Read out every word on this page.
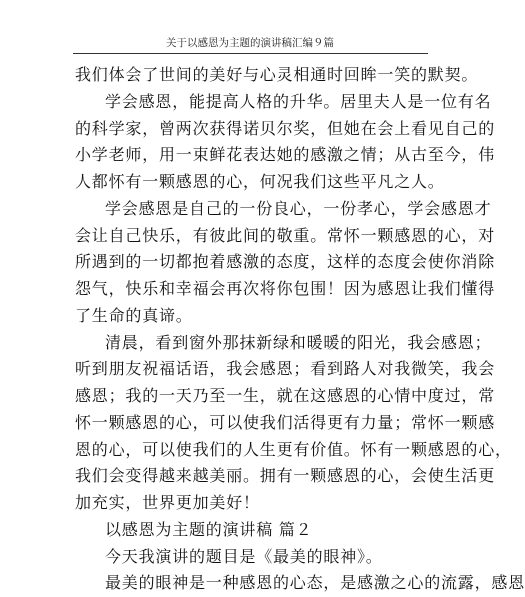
关于以感恩为主题的演讲稿汇编９篇
我们体会了世间的美好与心灵相通时回眸一笑的默契。
学会感恩，能提高人格的升华。居里夫人是一位有名
的科学家，曾两次获得诺贝尔奖，但她在会上看见自己的
小学老师，用一束鲜花表达她的感激之情；从古至今，伟
人都怀有一颗感恩的心，何况我们这些平凡之人。
学会感恩是自己的一份良心，一份孝心，学会感恩才
会让自己快乐，有彼此间的敬重。常怀一颗感恩的心，对
所遇到的一切都抱着感激的态度，这样的态度会使你消除
怨气，快乐和幸福会再次将你包围！因为感恩让我们懂得
了生命的真谛。
清晨，看到窗外那抹新绿和暖暖的阳光，我会感恩；
听到朋友祝福话语，我会感恩；看到路人对我微笑，我会
感恩；我的一天乃至一生，就在这感恩的心情中度过，常
怀一颗感恩的心，可以使我们活得更有力量；常怀一颗感
恩的心，可以使我们的人生更有价值。怀有一颗感恩的心，
我们会变得越来越美丽。拥有一颗感恩的心，会使生活更
加充实，世界更加美好！
以感恩为主题的演讲稿 篇２
今天我演讲的题目是《最美的眼神》。
最美的眼神是一种感恩的心态，是感激之心的流露，感恩
